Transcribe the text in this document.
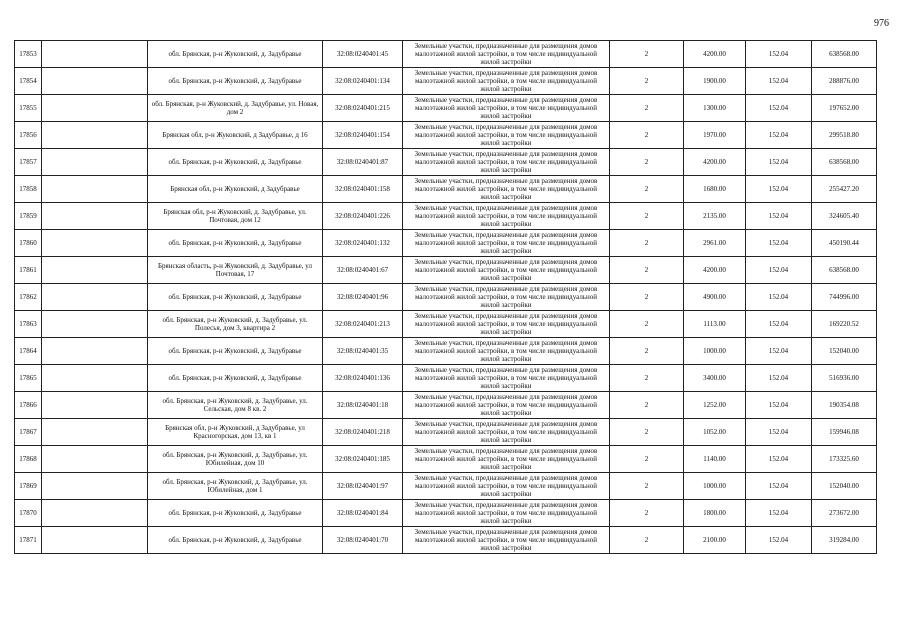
976
17853		обл. Брянская, р-н Жуковский, д. Задубравье	32:08:0240401:45	Земельные участки, предназначенные для размещения домов малоэтажной жилой застройки, в том числе индивидуальной жилой застройки	2	4200.00	152.04	638568.00
17854		обл. Брянская, р-н Жуковский, д. Задубравье	32:08:0240401:134	Земельные участки, предназначенные для размещения домов малоэтажной жилой застройки, в том числе индивидуальной жилой застройки	2	1900.00	152.04	288876.00
17855		обл. Брянская, р-н Жуковский, д. Задубравье, ул. Новая, дом 2	32:08:0240401:215	Земельные участки, предназначенные для размещения домов малоэтажной жилой застройки, в том числе индивидуальной жилой застройки	2	1300.00	152.04	197652.00
17856		Брянская обл, р-н Жуковский, д Задубравье, д 16	32:08:0240401:154	Земельные участки, предназначенные для размещения домов малоэтажной жилой застройки, в том числе индивидуальной жилой застройки	2	1970.00	152.04	299518.80
17857		обл. Брянская, р-н Жуковский, д. Задубравье	32:08:0240401:87	Земельные участки, предназначенные для размещения домов малоэтажной жилой застройки, в том числе индивидуальной жилой застройки	2	4200.00	152.04	638568.00
17858		Брянская обл, р-н Жуковский, д Задубравье	32:08:0240401:158	Земельные участки, предназначенные для размещения домов малоэтажной жилой застройки, в том числе индивидуальной жилой застройки	2	1680.00	152.04	255427.20
17859		Брянская обл, р-н Жуковский, д. Задубравье, ул. Почтовая, дом 12	32:08:0240401:226	Земельные участки, предназначенные для размещения домов малоэтажной жилой застройки, в том числе индивидуальной жилой застройки	2	2135.00	152.04	324605.40
17860		обл. Брянская, р-н Жуковский, д. Задубравье	32:08:0240401:132	Земельные участки, предназначенные для размещения домов малоэтажной жилой застройки, в том числе индивидуальной жилой застройки	2	2961.00	152.04	450190.44
17861		Брянская область, р-н Жуковский, д. Задубравье, ул Почтовая, 17	32:08:0240401:67	Земельные участки, предназначенные для размещения домов малоэтажной жилой застройки, в том числе индивидуальной жилой застройки	2	4200.00	152.04	638568.00
17862		обл. Брянская, р-н Жуковский, д. Задубравье	32:08:0240401:96	Земельные участки, предназначенные для размещения домов малоэтажной жилой застройки, в том числе индивидуальной жилой застройки	2	4900.00	152.04	744996.00
17863		обл. Брянская, р-н Жуковский, д. Задубравье, ул. Полесья, дом 3, квартира 2	32:08:0240401:213	Земельные участки, предназначенные для размещения домов малоэтажной жилой застройки, в том числе индивидуальной жилой застройки	2	1113.00	152.04	169220.52
17864		обл. Брянская, р-н Жуковский, д. Задубравье	32:08:0240401:35	Земельные участки, предназначенные для размещения домов малоэтажной жилой застройки, в том числе индивидуальной жилой застройки	2	1000.00	152.04	152040.00
17865		обл. Брянская, р-н Жуковский, д. Задубравье	32:08:0240401:136	Земельные участки, предназначенные для размещения домов малоэтажной жилой застройки, в том числе индивидуальной жилой застройки	2	3400.00	152.04	516936.00
17866		обл. Брянская, р-н Жуковский, д. Задубравье, ул. Сельская, дом 8 кв. 2	32:08:0240401:18	Земельные участки, предназначенные для размещения домов малоэтажной жилой застройки, в том числе индивидуальной жилой застройки	2	1252.00	152.04	190354.08
17867		Брянская обл, р-н Жуковский, д Задубравье, ул Красногорская, дом 13, кв 1	32:08:0240401:218	Земельные участки, предназначенные для размещения домов малоэтажной жилой застройки, в том числе индивидуальной жилой застройки	2	1052.00	152.04	159946.08
17868		обл. Брянская, р-н Жуковский, д. Задубравье, ул. Юбилейная, дом 10	32:08:0240401:185	Земельные участки, предназначенные для размещения домов малоэтажной жилой застройки, в том числе индивидуальной жилой застройки	2	1140.00	152.04	173325.60
17869		обл. Брянская, р-н Жуковский, д. Задубравье, ул. Юбилейная, дом 1	32:08:0240401:97	Земельные участки, предназначенные для размещения домов малоэтажной жилой застройки, в том числе индивидуальной жилой застройки	2	1000.00	152.04	152040.00
17870		обл. Брянская, р-н Жуковский, д. Задубравье	32:08:0240401:84	Земельные участки, предназначенные для размещения домов малоэтажной жилой застройки, в том числе индивидуальной жилой застройки	2	1800.00	152.04	273672.00
17871		обл. Брянская, р-н Жуковский, д. Задубравье	32:08:0240401:70	Земельные участки, предназначенные для размещения домов малоэтажной жилой застройки, в том числе индивидуальной жилой застройки	2	2100.00	152.04	319284.00
